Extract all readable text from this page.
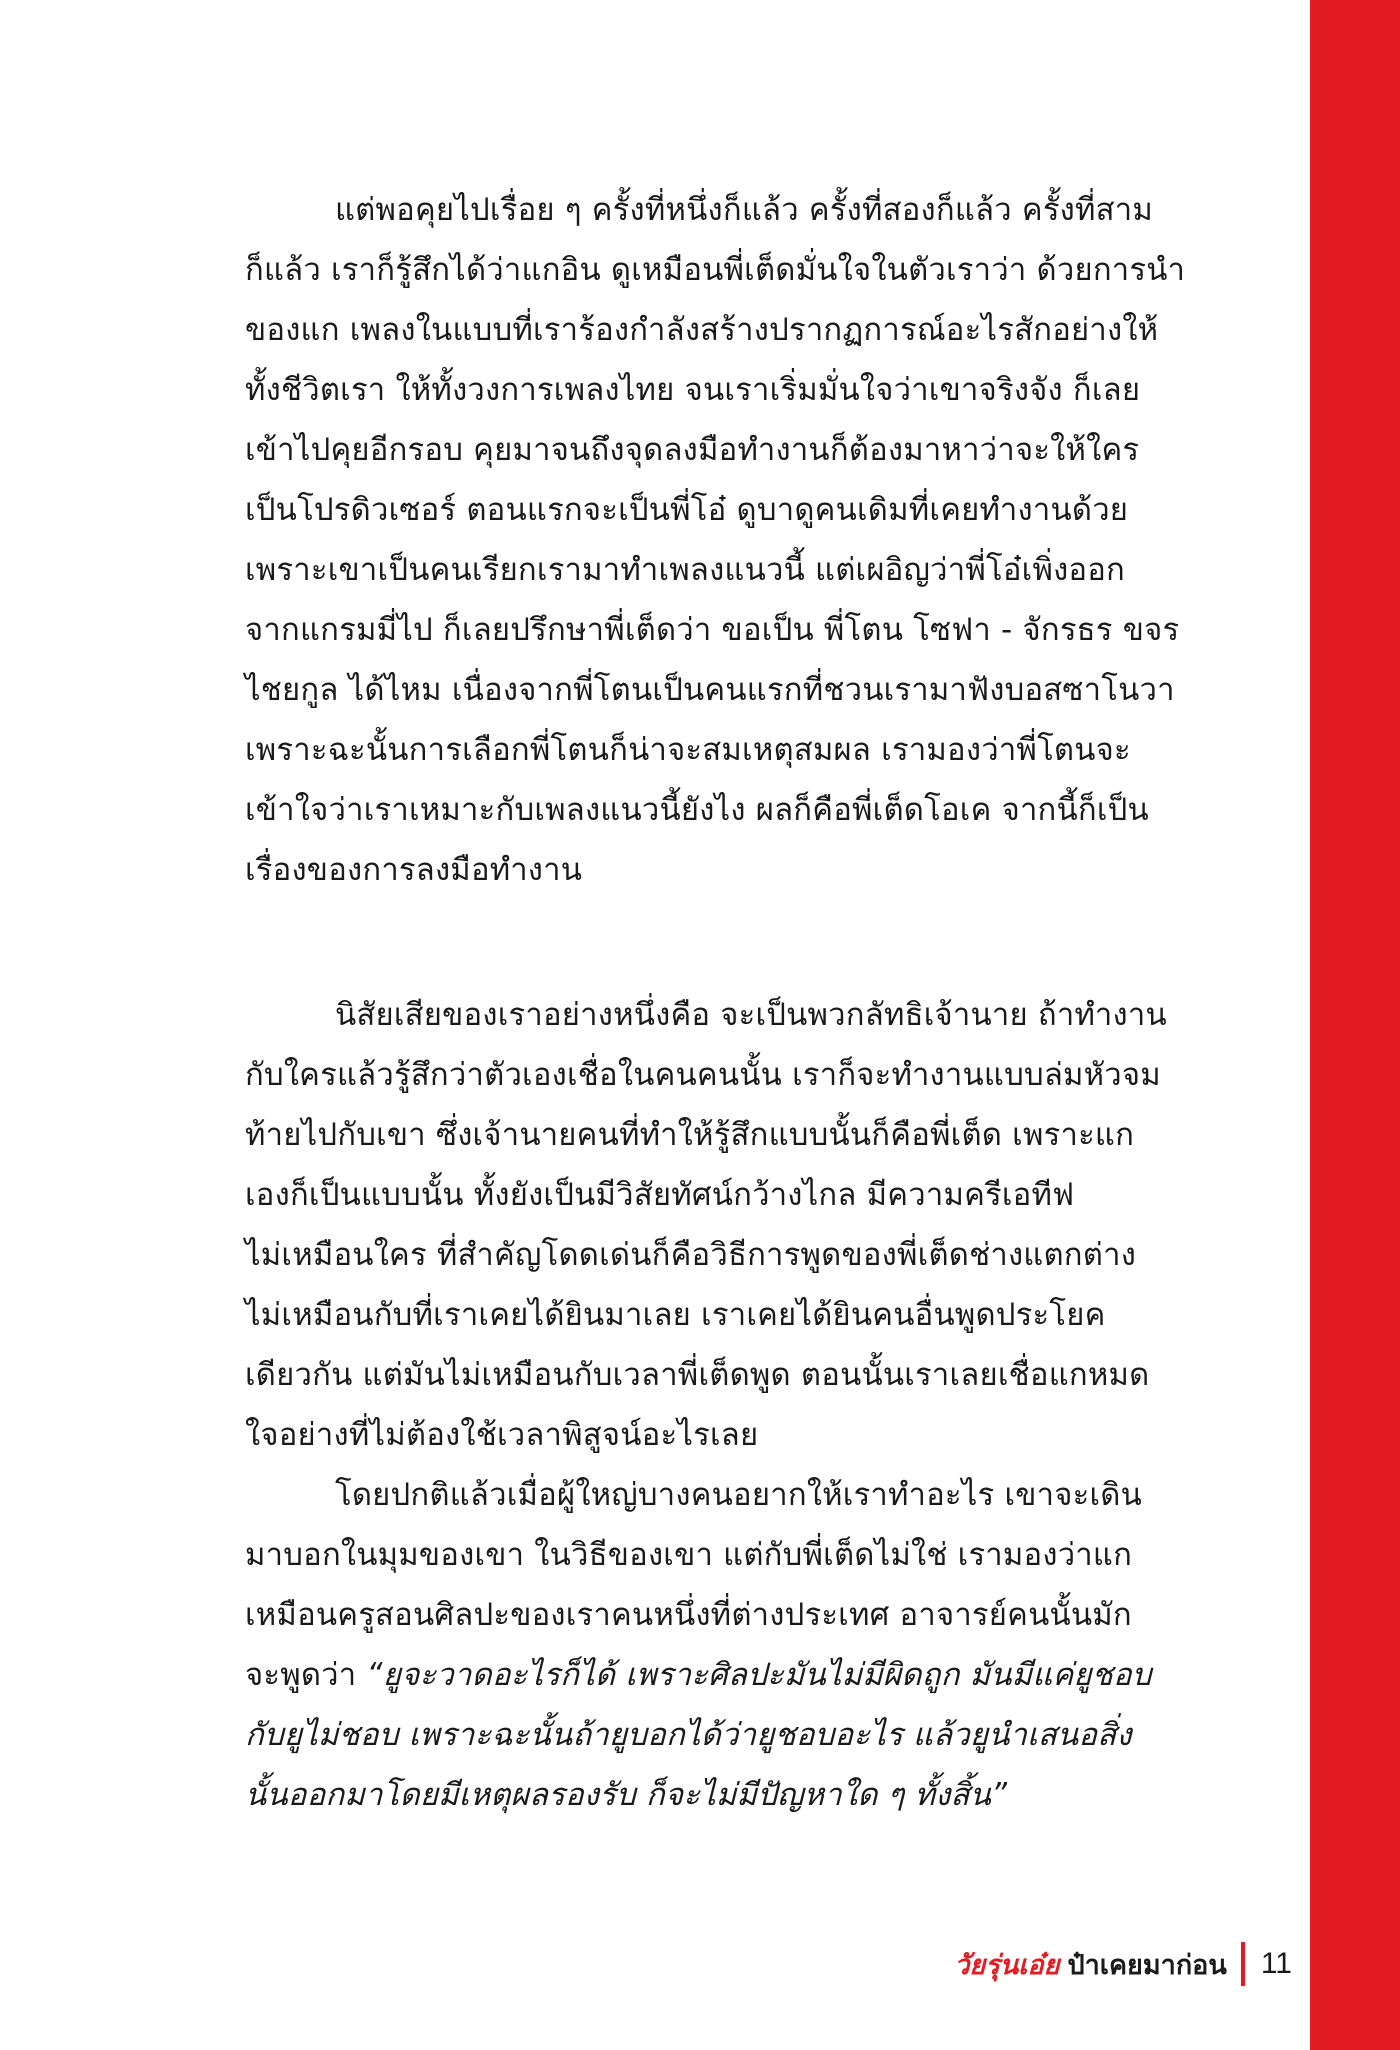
แต่พอคุยไปเรื่อย ๆ ครั้งที่หนึ่งก็แล้ว ครั้งที่สองก็แล้ว ครั้งที่สาม
ก็แล้ว เราก็รู้สึกได้ว่าแกอิน ดูเหมือนพี่เต็ดมั่นใจในตัวเราว่า ด้วยการนำ
ของแก เพลงในแบบที่เราร้องกำลังสร้างปรากฏการณ์อะไรสักอย่างให้
ทั้งชีวิตเรา ให้ทั้งวงการเพลงไทย จนเราเริ่มมั่นใจว่าเขาจริงจัง ก็เลย
เข้าไปคุยอีกรอบ คุยมาจนถึงจุดลงมือทำงานก็ต้องมาหาว่าจะให้ใคร
เป็นโปรดิวเซอร์ ตอนแรกจะเป็นพี่โอ๋ ดูบาดูคนเดิมที่เคยทำงานด้วย
เพราะเขาเป็นคนเรียกเรามาทำเพลงแนวนี้ แต่เผอิญว่าพี่โอ๋เพิ่งออก
จากแกรมมี่ไป ก็เลยปรึกษาพี่เต็ดว่า ขอเป็น พี่โตน โซฟา - จักรธร ขจร
ไชยกูล ได้ไหม เนื่องจากพี่โตนเป็นคนแรกที่ชวนเรามาฟังบอสซาโนวา
เพราะฉะนั้นการเลือกพี่โตนก็น่าจะสมเหตุสมผล เรามองว่าพี่โตนจะ
เข้าใจว่าเราเหมาะกับเพลงแนวนี้ยังไง ผลก็คือพี่เต็ดโอเค จากนี้ก็เป็น
เรื่องของการลงมือทำงาน
นิสัยเสียของเราอย่างหนึ่งคือ จะเป็นพวกลัทธิเจ้านาย ถ้าทำงาน
กับใครแล้วรู้สึกว่าตัวเองเชื่อในคนคนนั้น เราก็จะทำงานแบบล่มหัวจม
ท้ายไปกับเขา ซึ่งเจ้านายคนที่ทำให้รู้สึกแบบนั้นก็คือพี่เต็ด เพราะแก
เองก็เป็นแบบนั้น ทั้งยังเป็นมีวิสัยทัศน์กว้างไกล มีความครีเอทีฟ
ไม่เหมือนใคร ที่สำคัญโดดเด่นก็คือวิธีการพูดของพี่เต็ดช่างแตกต่าง
ไม่เหมือนกับที่เราเคยได้ยินมาเลย เราเคยได้ยินคนอื่นพูดประโยค
เดียวกัน แต่มันไม่เหมือนกับเวลาพี่เต็ดพูด ตอนนั้นเราเลยเชื่อแกหมด
ใจอย่างที่ไม่ต้องใช้เวลาพิสูจน์อะไรเลย
โดยปกติแล้วเมื่อผู้ใหญ่บางคนอยากให้เราทำอะไร เขาจะเดิน
มาบอกในมุมของเขา ในวิธีของเขา แต่กับพี่เต็ดไม่ใช่ เรามองว่าแก
เหมือนครูสอนศิลปะของเราคนหนึ่งที่ต่างประเทศ อาจารย์คนนั้นมัก
จะพูดว่า “ยูจะวาดอะไรก็ได้ เพราะศิลปะมันไม่มีผิดถูก มันมีแค่ยูชอบ
กับยูไม่ชอบ เพราะฉะนั้นถ้ายูบอกได้ว่ายูชอบอะไร แล้วยูนำเสนอสิ่ง
นั้นออกมาโดยมีเหตุผลรองรับ ก็จะไม่มีปัญหาใด ๆ ทั้งสิ้น”
วัยรุ่นเอ๋ย ป๋าเคยมาก่อน 11
